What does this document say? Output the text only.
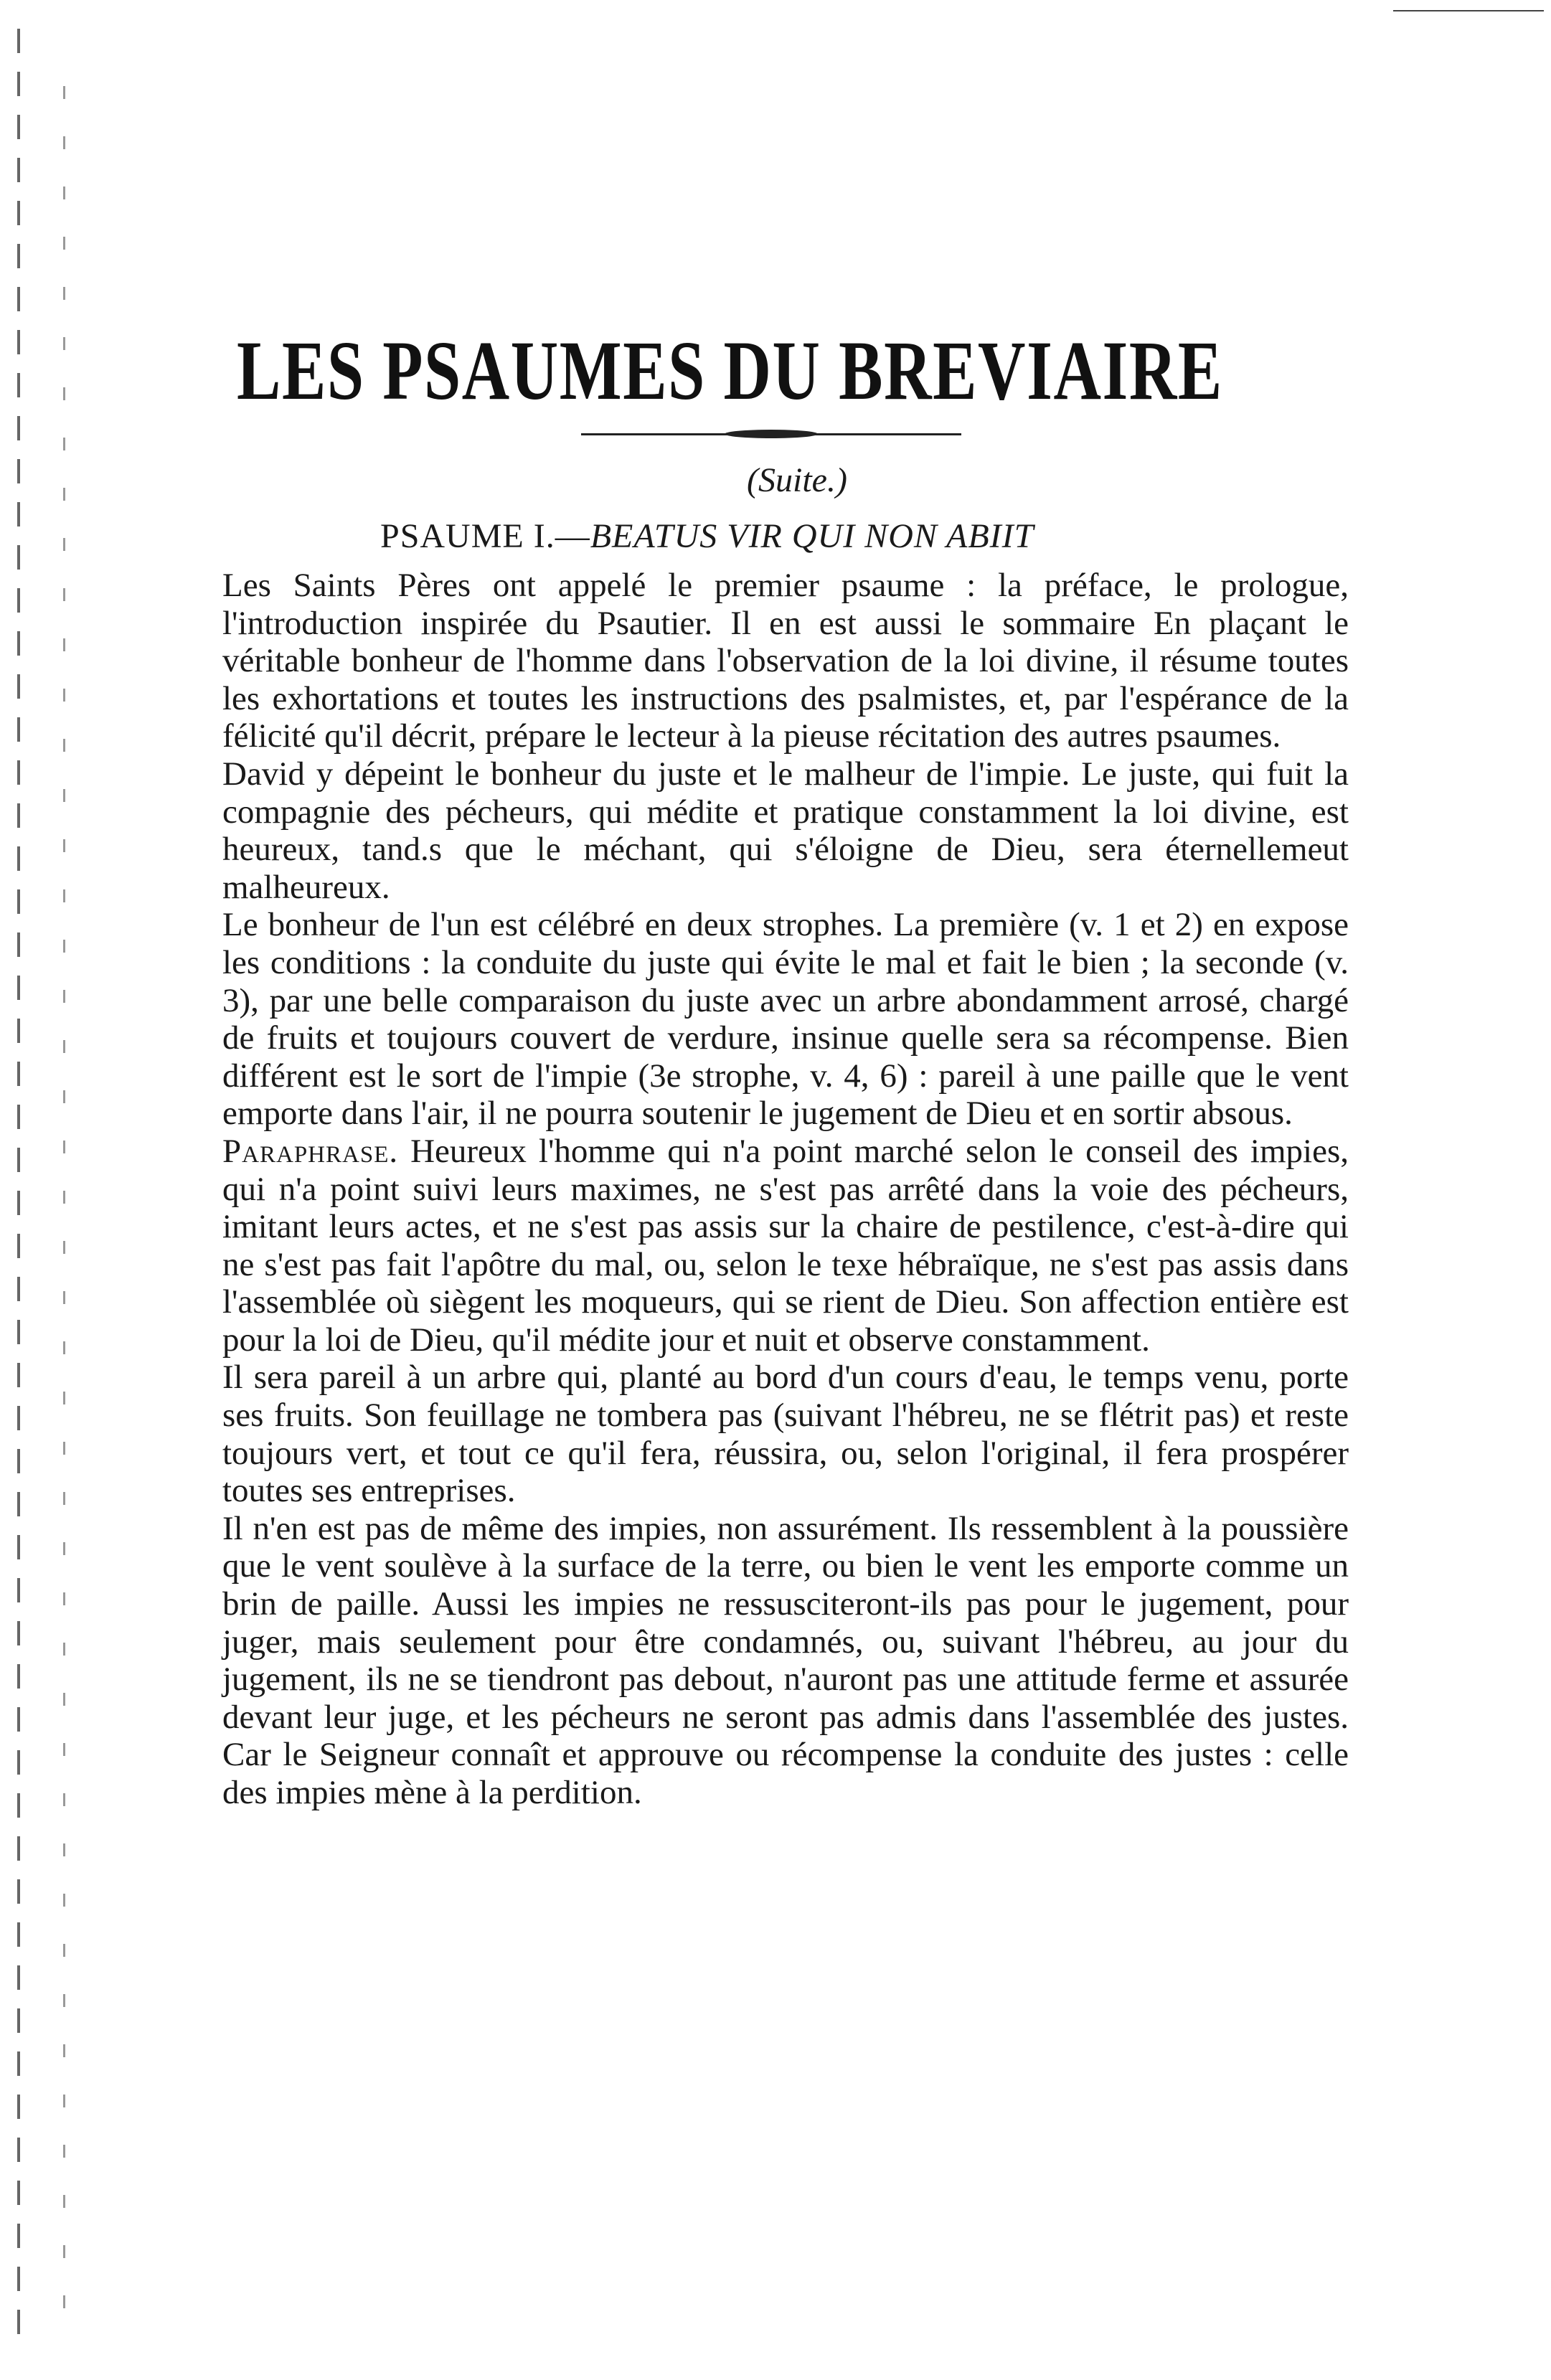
LES PSAUMES DU BREVIAIRE
(Suite.)
PSAUME I.—BEATUS VIR QUI NON ABIIT

Les Saints Pères ont appelé le premier psaume : la préface, le prologue, l'introduction inspirée du Psautier. Il en est aussi le sommaire En plaçant le véritable bonheur de l'homme dans l'observation de la loi divine, il résume toutes les exhortations et toutes les instructions des psalmistes, et, par l'espérance de la félicité qu'il décrit, prépare le lecteur à la pieuse récitation des autres psaumes.

David y dépeint le bonheur du juste et le malheur de l'impie. Le juste, qui fuit la compagnie des pécheurs, qui médite et pratique constamment la loi divine, est heureux, tand.s que le méchant, qui s'éloigne de Dieu, sera éternellemeut malheureux.

Le bonheur de l'un est célébré en deux strophes. La première (v. 1 et 2) en expose les conditions : la conduite du juste qui évite le mal et fait le bien ; la seconde (v. 3), par une belle comparaison du juste avec un arbre abondamment arrosé, chargé de fruits et toujours couvert de verdure, insinue quelle sera sa récompense. Bien différent est le sort de l'impie (3e strophe, v. 4, 6) : pareil à une paille que le vent emporte dans l'air, il ne pourra soutenir le jugement de Dieu et en sortir absous.

Paraphrase. Heureux l'homme qui n'a point marché selon le conseil des impies, qui n'a point suivi leurs maximes, ne s'est pas arrêté dans la voie des pécheurs, imitant leurs actes, et ne s'est pas assis sur la chaire de pestilence, c'est-à-dire qui ne s'est pas fait l'apôtre du mal, ou, selon le texe hébraïque, ne s'est pas assis dans l'assemblée où siègent les moqueurs, qui se rient de Dieu. Son affection entière est pour la loi de Dieu, qu'il médite jour et nuit et observe constamment.

Il sera pareil à un arbre qui, planté au bord d'un cours d'eau, le temps venu, porte ses fruits. Son feuillage ne tombera pas (suivant l'hébreu, ne se flétrit pas) et reste toujours vert, et tout ce qu'il fera, réussira, ou, selon l'original, il fera prospérer toutes ses entreprises.

Il n'en est pas de même des impies, non assurément. Ils ressemblent à la poussière que le vent soulève à la surface de la terre, ou bien le vent les emporte comme un brin de paille. Aussi les impies ne ressusciteront-ils pas pour le jugement, pour juger, mais seulement pour être condamnés, ou, suivant l'hébreu, au jour du jugement, ils ne se tiendront pas debout, n'auront pas une attitude ferme et assurée devant leur juge, et les pécheurs ne seront pas admis dans l'assemblée des justes. Car le Seigneur connaît et approuve ou récompense la conduite des justes : celle des impies mène à la perdition.
